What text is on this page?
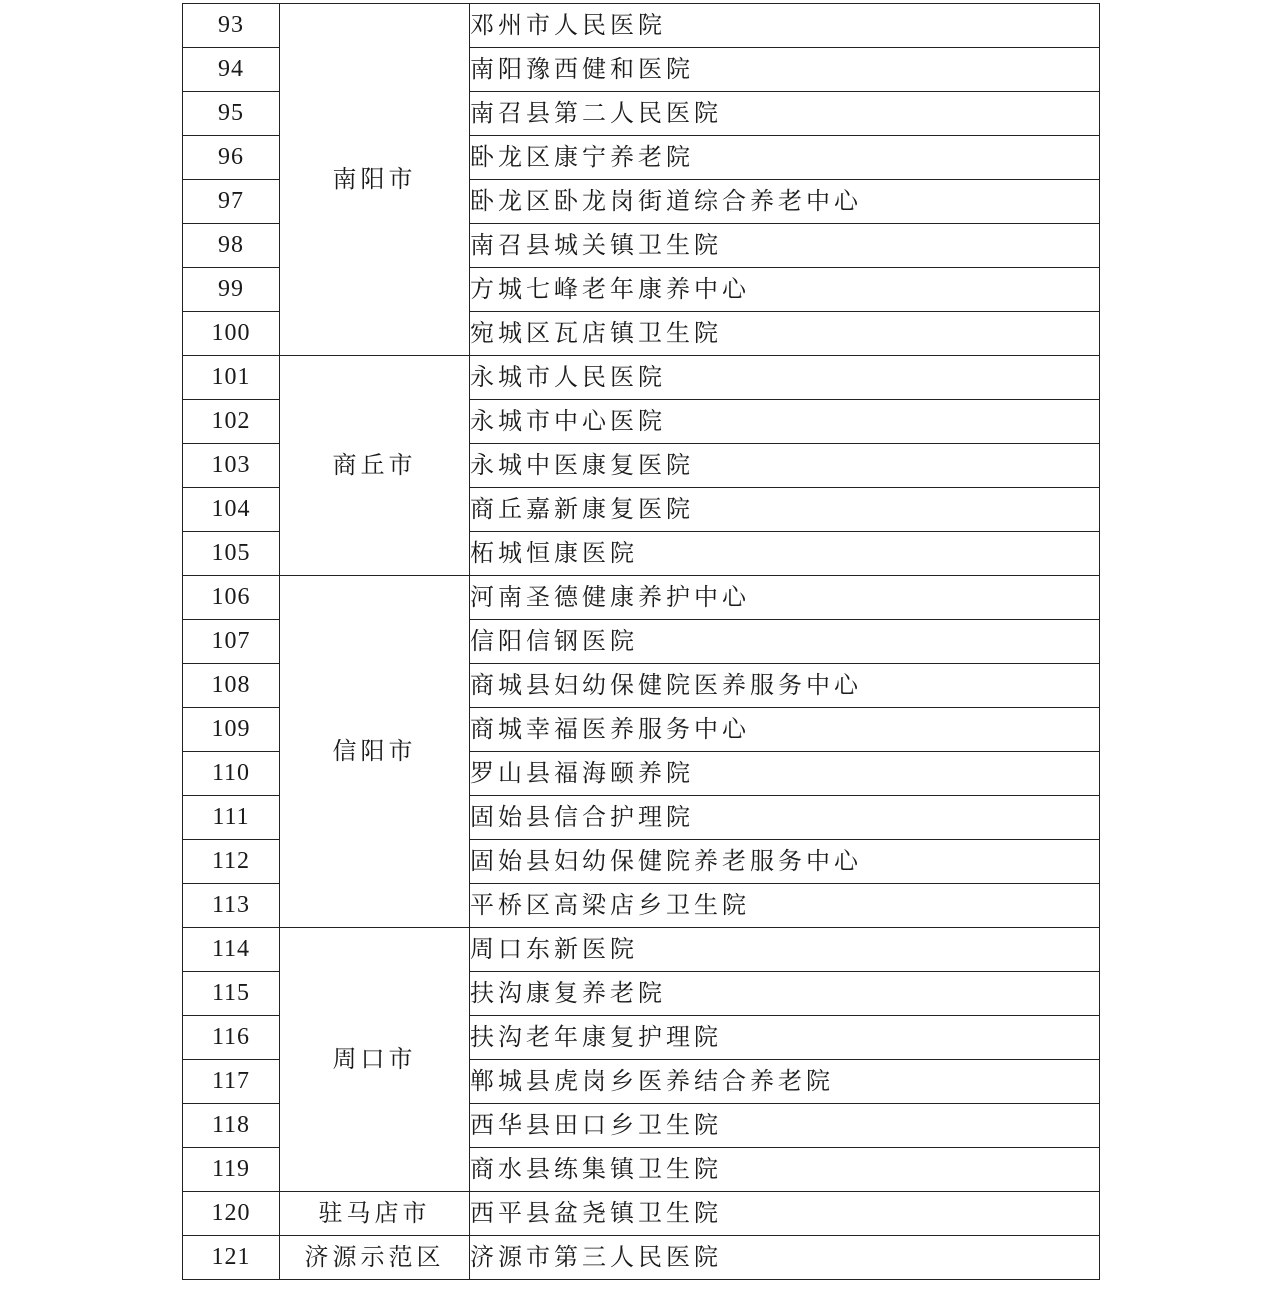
93	南阳市	邓州市人民医院
94		南阳豫西健和医院
95		南召县第二人民医院
96		卧龙区康宁养老院
97		卧龙区卧龙岗街道综合养老中心
98		南召县城关镇卫生院
99		方城七峰老年康养中心
100		宛城区瓦店镇卫生院
101	商丘市	永城市人民医院
102		永城市中心医院
103		永城中医康复医院
104		商丘嘉新康复医院
105		柘城恒康医院
106	信阳市	河南圣德健康养护中心
107		信阳信钢医院
108		商城县妇幼保健院医养服务中心
109		商城幸福医养服务中心
110		罗山县福海颐养院
111		固始县信合护理院
112		固始县妇幼保健院养老服务中心
113		平桥区高梁店乡卫生院
114	周口市	周口东新医院
115		扶沟康复养老院
116		扶沟老年康复护理院
117		郸城县虎岗乡医养结合养老院
118		西华县田口乡卫生院
119		商水县练集镇卫生院
120	驻马店市	西平县盆尧镇卫生院
121	济源示范区	济源市第三人民医院
